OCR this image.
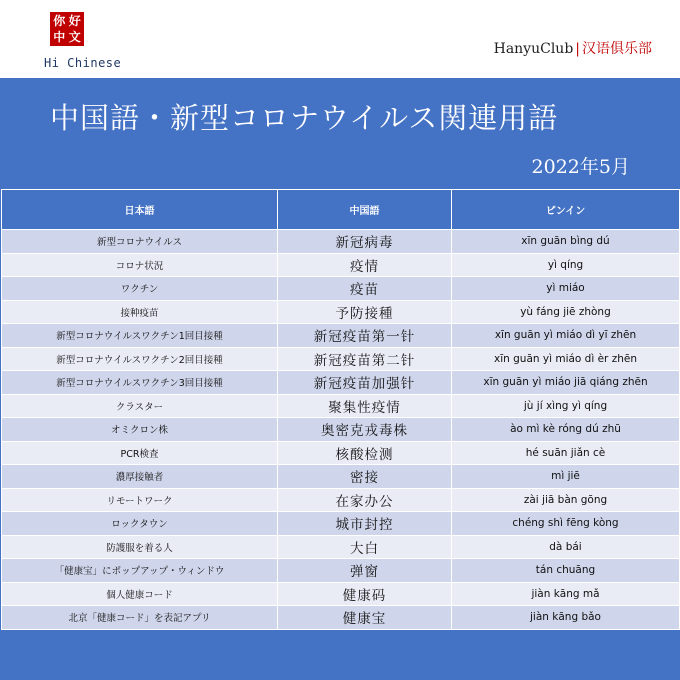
你 好
中 文
Hi Chinese
HanyuClub | 汉语俱乐部
中国語・新型コロナウイルス関連用語
2022年5月
日本語	中国語	ピンイン
新型コロナウイルス	新冠病毒	xīn guān bìng dú
コロナ状況	疫情	yì qíng
ワクチン	疫苗	yì miáo
接种疫苗	予防接種	yù fáng jiē zhòng
新型コロナウイルスワクチン1回目接種	新冠疫苗第一针	xīn guān yì miáo dì yī zhēn
新型コロナウイルスワクチン2回目接種	新冠疫苗第二针	xīn guān yì miáo dì èr zhēn
新型コロナウイルスワクチン3回目接種	新冠疫苗加强针	xīn guān yì miáo jiā qiáng zhēn
クラスター	聚集性疫情	jù jí xìng yì qíng
オミクロン株	奥密克戎毒株	ào mì kè róng dú zhū
PCR検査	核酸检测	hé suān jiǎn cè
濃厚接触者	密接	mì jiē
リモートワーク	在家办公	zài jiā bàn gōng
ロックタウン	城市封控	chéng shì fēng kòng
防護服を着る人	大白	dà bái
「健康宝」にポップアップ・ウィンドウ	弹窗	tán chuāng
個人健康コード	健康码	jiàn kāng mǎ
北京「健康コード」を表記アプリ	健康宝	jiàn kāng bǎo
